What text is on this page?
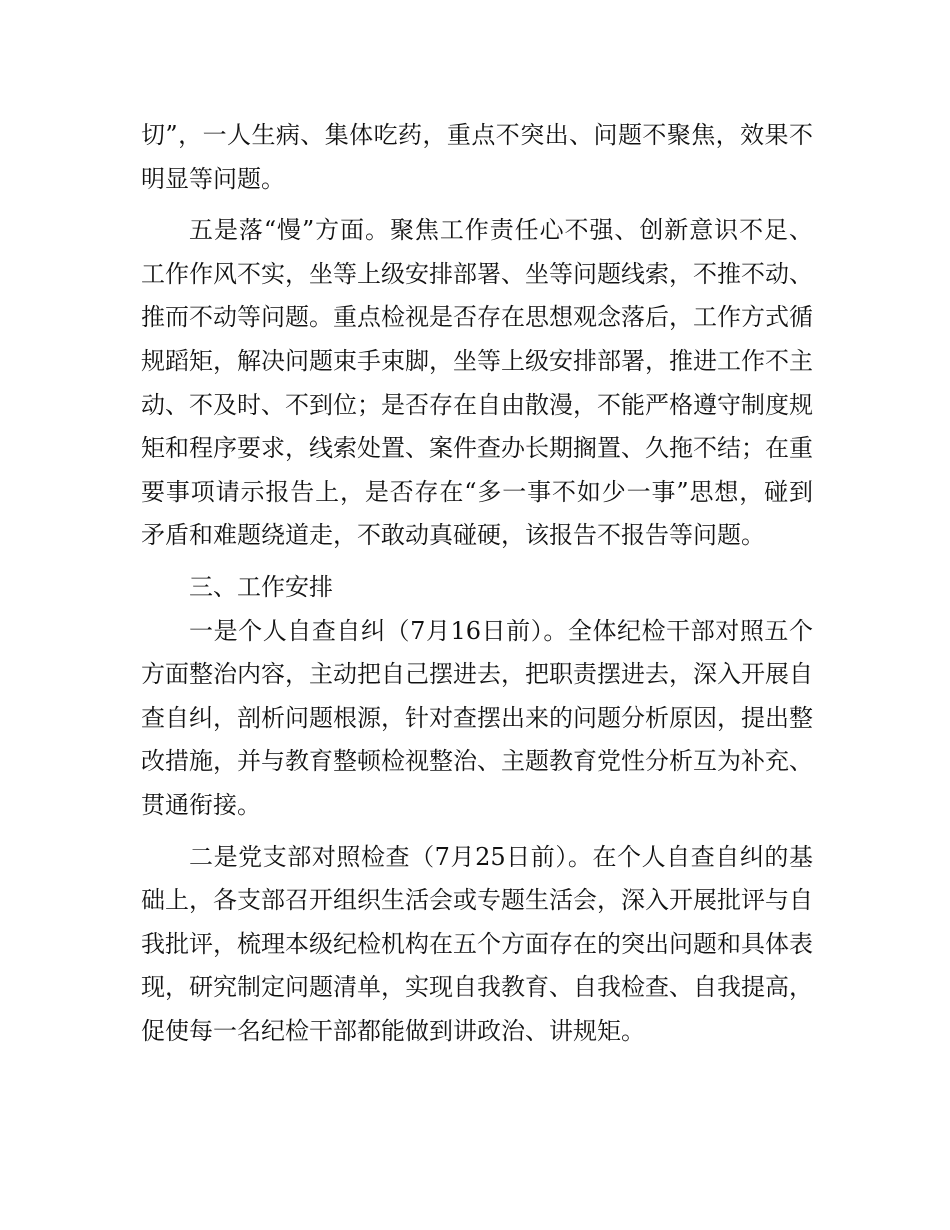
切”，一人生病、集体吃药，重点不突出、问题不聚焦，效果不明显等问题。

五是落“慢”方面。聚焦工作责任心不强、创新意识不足、工作作风不实，坐等上级安排部署、坐等问题线索，不推不动、推而不动等问题。重点检视是否存在思想观念落后，工作方式循规蹈矩，解决问题束手束脚，坐等上级安排部署，推进工作不主动、不及时、不到位；是否存在自由散漫，不能严格遵守制度规矩和程序要求，线索处置、案件查办长期搁置、久拖不结；在重要事项请示报告上，是否存在“多一事不如少一事”思想，碰到矛盾和难题绕道走，不敢动真碰硬，该报告不报告等问题。

三、工作安排

一是个人自查自纠（7月16日前）。全体纪检干部对照五个方面整治内容，主动把自己摆进去，把职责摆进去，深入开展自查自纠，剖析问题根源，针对查摆出来的问题分析原因，提出整改措施，并与教育整顿检视整治、主题教育党性分析互为补充、贯通衔接。

二是党支部对照检查（7月25日前）。在个人自查自纠的基础上，各支部召开组织生活会或专题生活会，深入开展批评与自我批评，梳理本级纪检机构在五个方面存在的突出问题和具体表现，研究制定问题清单，实现自我教育、自我检查、自我提高，促使每一名纪检干部都能做到讲政治、讲规矩。
